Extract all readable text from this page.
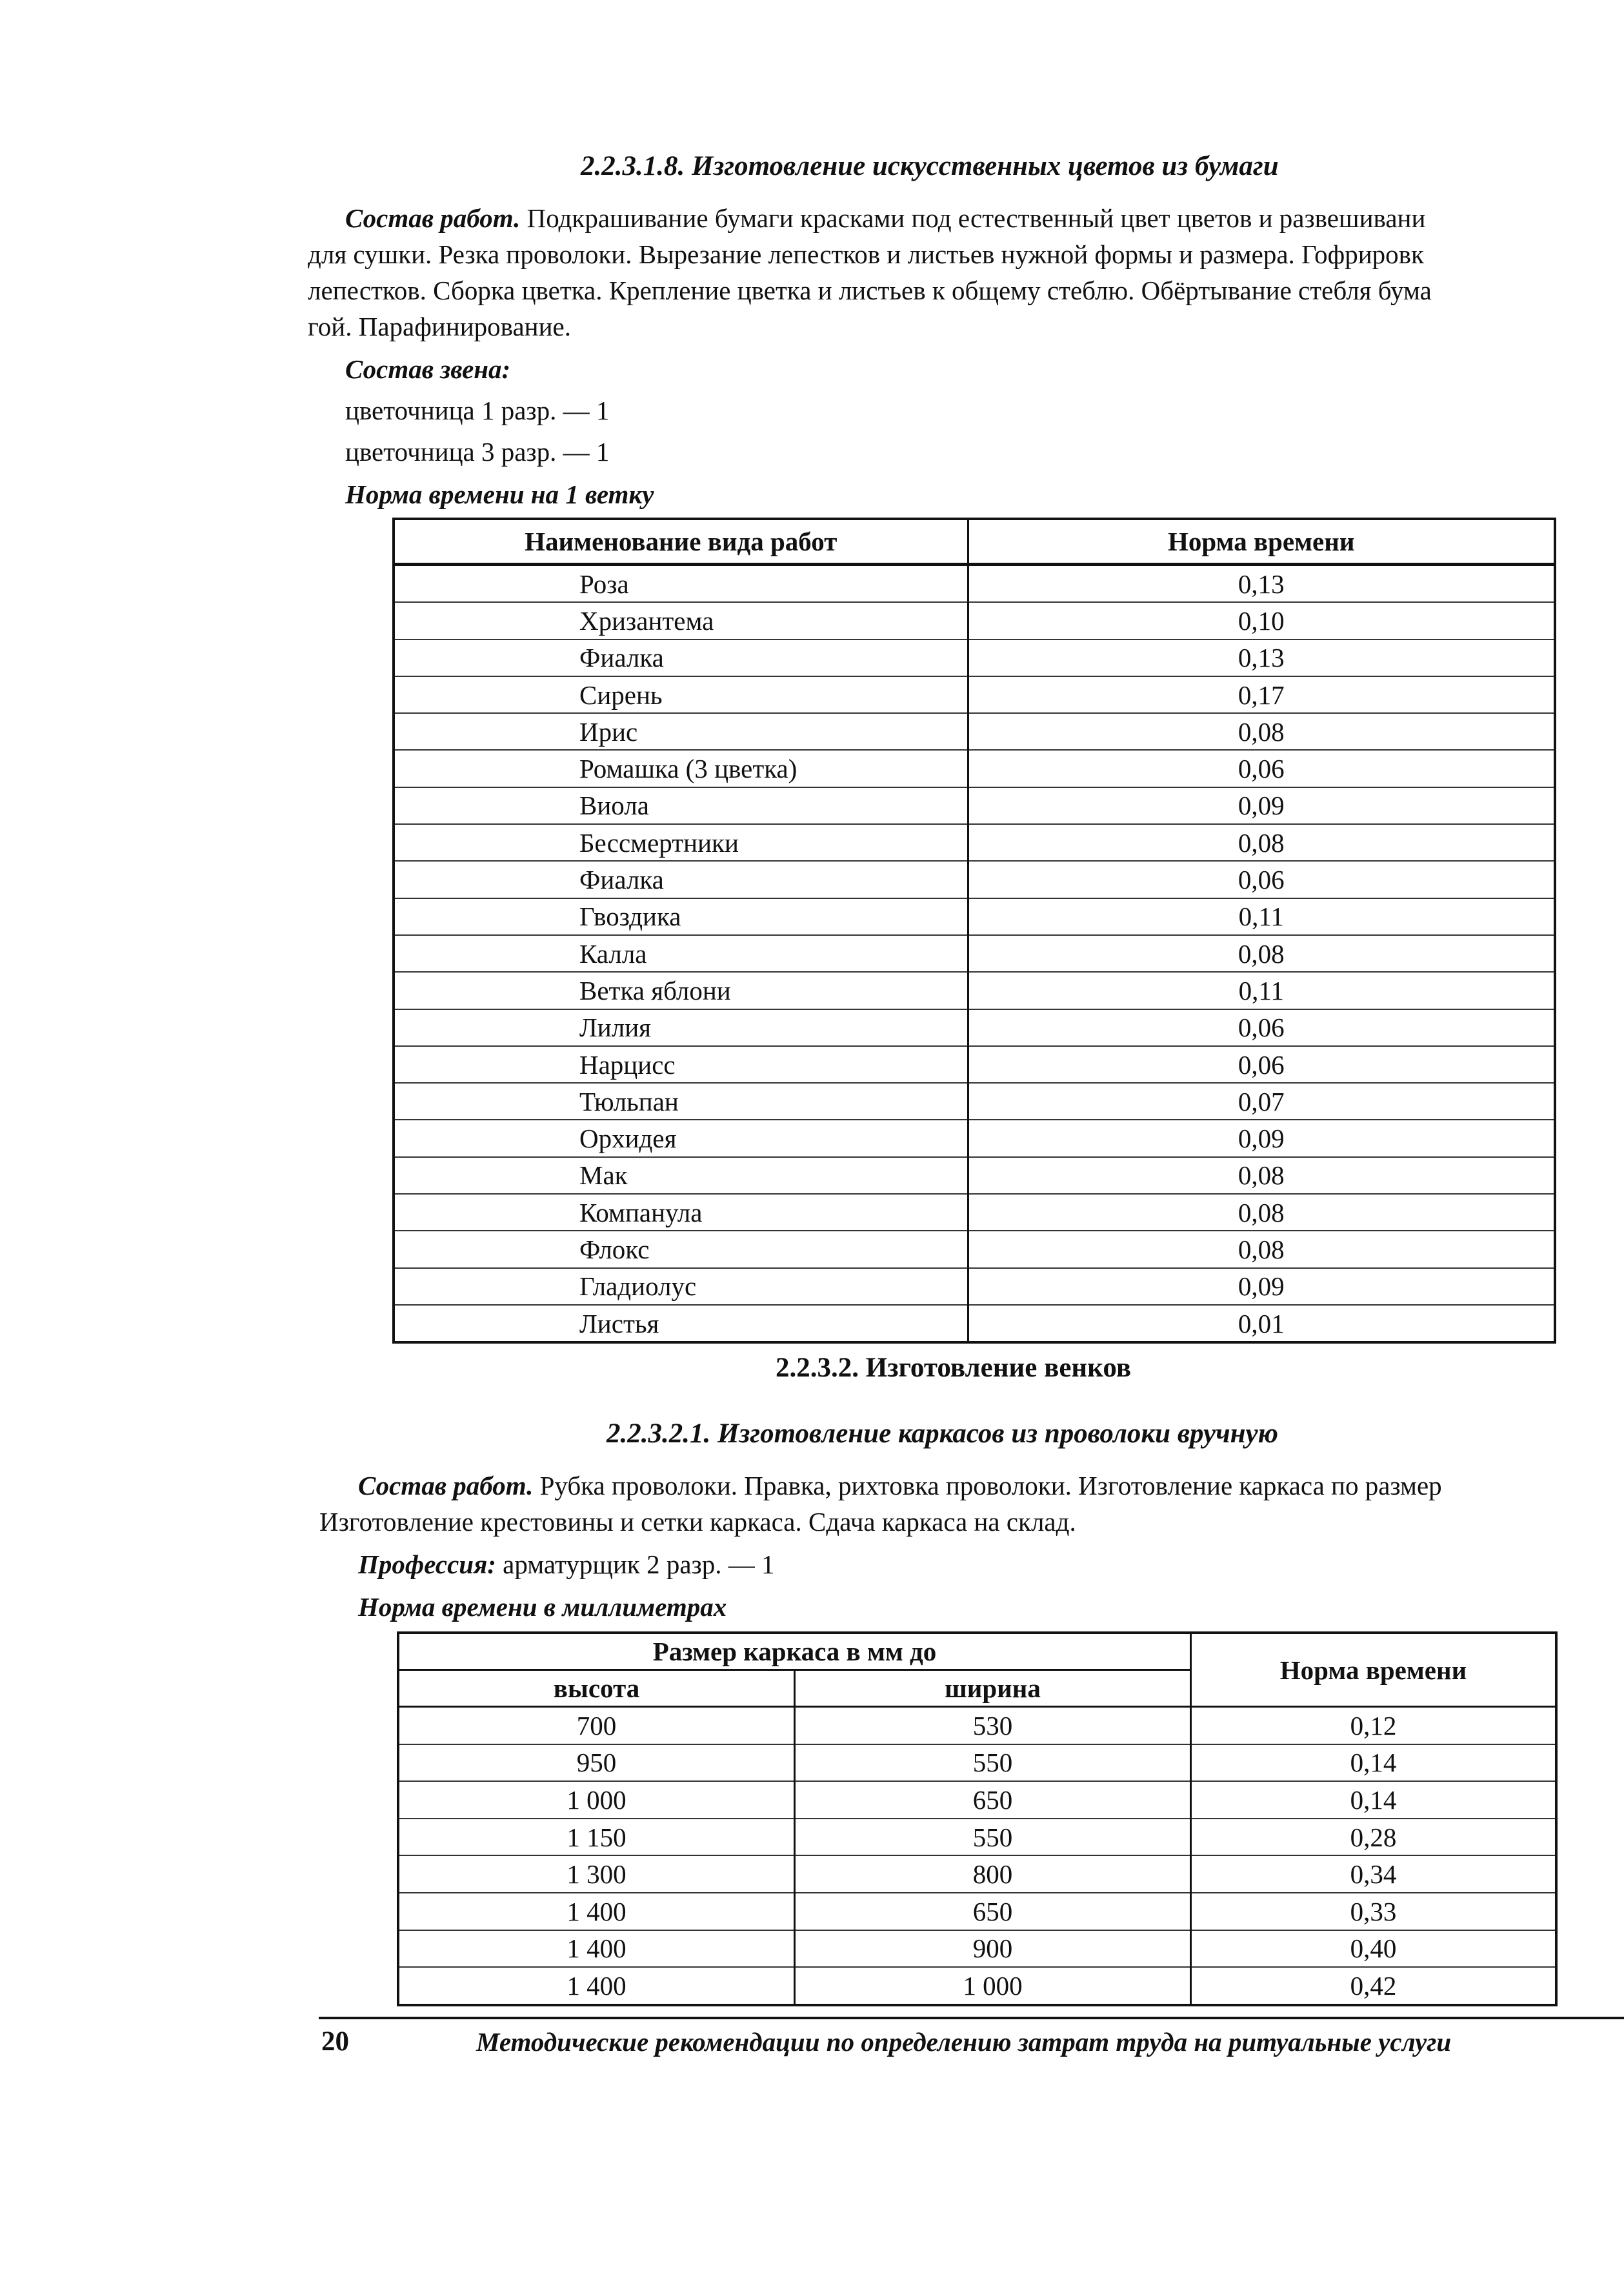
2.2.3.1.8. Изготовление искусственных цветов из бумаги
Состав работ. Подкрашивание бумаги красками под естественный цвет цветов и развешивани
для сушки. Резка проволоки. Вырезание лепестков и листьев нужной формы и размера. Гофрировк
лепестков. Сборка цветка. Крепление цветка и листьев к общему стеблю. Обёртывание стебля бума
гой. Парафинирование.
Состав звена:
цветочница 1 разр. — 1
цветочница 3 разр. — 1
Норма времени на 1 ветку
Наименование вида работ	Норма времени
Роза	0,13
Хризантема	0,10
Фиалка	0,13
Сирень	0,17
Ирис	0,08
Ромашка (3 цветка)	0,06
Виола	0,09
Бессмертники	0,08
Фиалка	0,06
Гвоздика	0,11
Калла	0,08
Ветка яблони	0,11
Лилия	0,06
Нарцисс	0,06
Тюльпан	0,07
Орхидея	0,09
Мак	0,08
Компанула	0,08
Флокс	0,08
Гладиолус	0,09
Листья	0,01
2.2.3.2. Изготовление венков
2.2.3.2.1. Изготовление каркасов из проволоки вручную
Состав работ. Рубка проволоки. Правка, рихтовка проволоки. Изготовление каркаса по размер
Изготовление крестовины и сетки каркаса. Сдача каркаса на склад.
Профессия: арматурщик 2 разр. — 1
Норма времени в миллиметрах
Размер каркаса в мм до		Норма времени
высота	ширина	
700	530	0,12
950	550	0,14
1 000	650	0,14
1 150	550	0,28
1 300	800	0,34
1 400	650	0,33
1 400	900	0,40
1 400	1 000	0,42
20	Методические рекомендации по определению затрат труда на ритуальные услуги
